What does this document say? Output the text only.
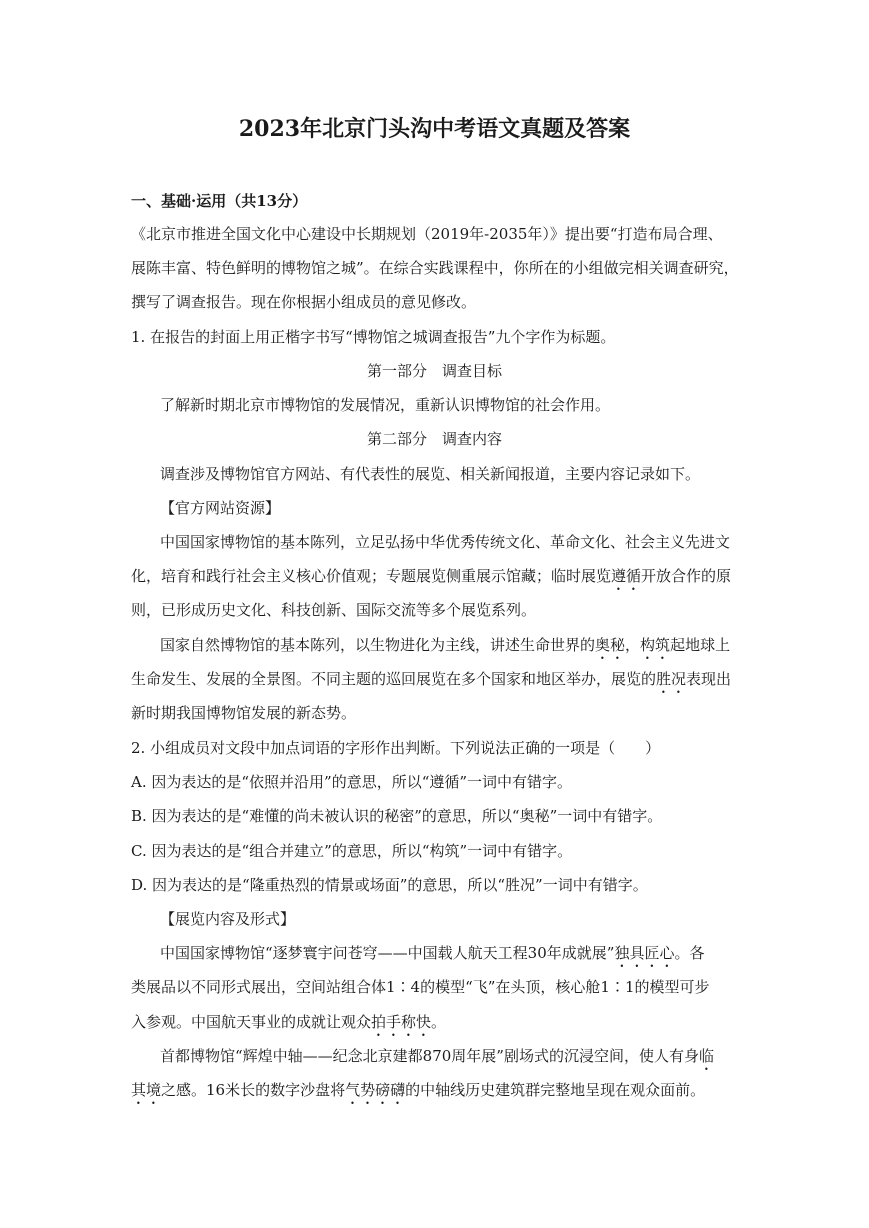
2023年北京门头沟中考语文真题及答案
一、基础·运用（共13分）
《北京市推进全国文化中心建设中长期规划（2019年-2035年）》提出要“打造布局合理、
展陈丰富、特色鲜明的博物馆之城”。在综合实践课程中，你所在的小组做完相关调查研究，
撰写了调查报告。现在你根据小组成员的意见修改。
1. 在报告的封面上用正楷字书写“博物馆之城调查报告”九个字作为标题。
第一部分　调查目标
了解新时期北京市博物馆的发展情况，重新认识博物馆的社会作用。
第二部分　调查内容
调查涉及博物馆官方网站、有代表性的展览、相关新闻报道，主要内容记录如下。
【官方网站资源】
中国国家博物馆的基本陈列，立足弘扬中华优秀传统文化、革命文化、社会主义先进文
化，培育和践行社会主义核心价值观；专题展览侧重展示馆藏；临时展览遵循开放合作的原
则，已形成历史文化、科技创新、国际交流等多个展览系列。
国家自然博物馆的基本陈列，以生物进化为主线，讲述生命世界的奥秘，构筑起地球上
生命发生、发展的全景图。不同主题的巡回展览在多个国家和地区举办，展览的胜况表现出
新时期我国博物馆发展的新态势。
2. 小组成员对文段中加点词语的字形作出判断。下列说法正确的一项是（　　）
A. 因为表达的是“依照并沿用”的意思，所以“遵循”一词中有错字。
B. 因为表达的是“难懂的尚未被认识的秘密”的意思，所以“奥秘”一词中有错字。
C. 因为表达的是“组合并建立”的意思，所以“构筑”一词中有错字。
D. 因为表达的是“隆重热烈的情景或场面”的意思，所以“胜况”一词中有错字。
【展览内容及形式】
中国国家博物馆“逐梦寰宇问苍穹——中国载人航天工程30年成就展”独具匠心。各
类展品以不同形式展出，空间站组合体1∶4的模型“飞”在头顶，核心舱1∶1的模型可步
入参观。中国航天事业的成就让观众拍手称快。
首都博物馆“辉煌中轴——纪念北京建都870周年展”剧场式的沉浸空间，使人有身临
其境之感。16米长的数字沙盘将气势磅礴的中轴线历史建筑群完整地呈现在观众面前。
